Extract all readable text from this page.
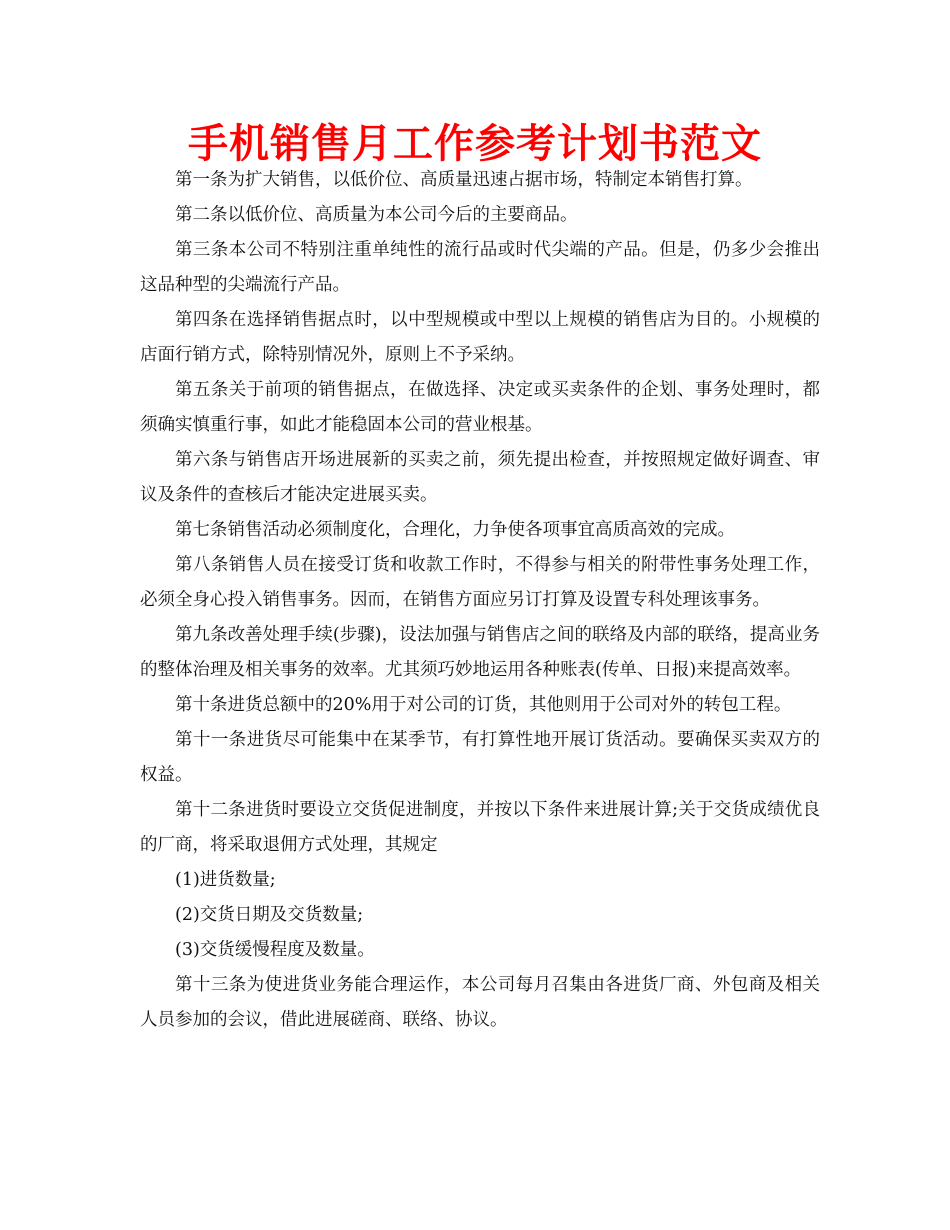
手机销售月工作参考计划书范文

第一条为扩大销售，以低价位、高质量迅速占据市场，特制定本销售打算。

第二条以低价位、高质量为本公司今后的主要商品。

第三条本公司不特别注重单纯性的流行品或时代尖端的产品。但是，仍多少会推出这品种型的尖端流行产品。

第四条在选择销售据点时，以中型规模或中型以上规模的销售店为目的。小规模的店面行销方式，除特别情况外，原则上不予采纳。

第五条关于前项的销售据点，在做选择、决定或买卖条件的企划、事务处理时，都须确实慎重行事，如此才能稳固本公司的营业根基。

第六条与销售店开场进展新的买卖之前，须先提出检查，并按照规定做好调查、审议及条件的查核后才能决定进展买卖。

第七条销售活动必须制度化，合理化，力争使各项事宜高质高效的完成。

第八条销售人员在接受订货和收款工作时，不得参与相关的附带性事务处理工作，必须全身心投入销售事务。因而，在销售方面应另订打算及设置专科处理该事务。

第九条改善处理手续(步骤)，设法加强与销售店之间的联络及内部的联络，提高业务的整体治理及相关事务的效率。尤其须巧妙地运用各种账表(传单、日报)来提高效率。

第十条进货总额中的20%用于对公司的订货，其他则用于公司对外的转包工程。

第十一条进货尽可能集中在某季节，有打算性地开展订货活动。要确保买卖双方的权益。

第十二条进货时要设立交货促进制度，并按以下条件来进展计算;关于交货成绩优良的厂商，将采取退佣方式处理，其规定

(1)进货数量;

(2)交货日期及交货数量;

(3)交货缓慢程度及数量。

第十三条为使进货业务能合理运作，本公司每月召集由各进货厂商、外包商及相关人员参加的会议，借此进展磋商、联络、协议。
